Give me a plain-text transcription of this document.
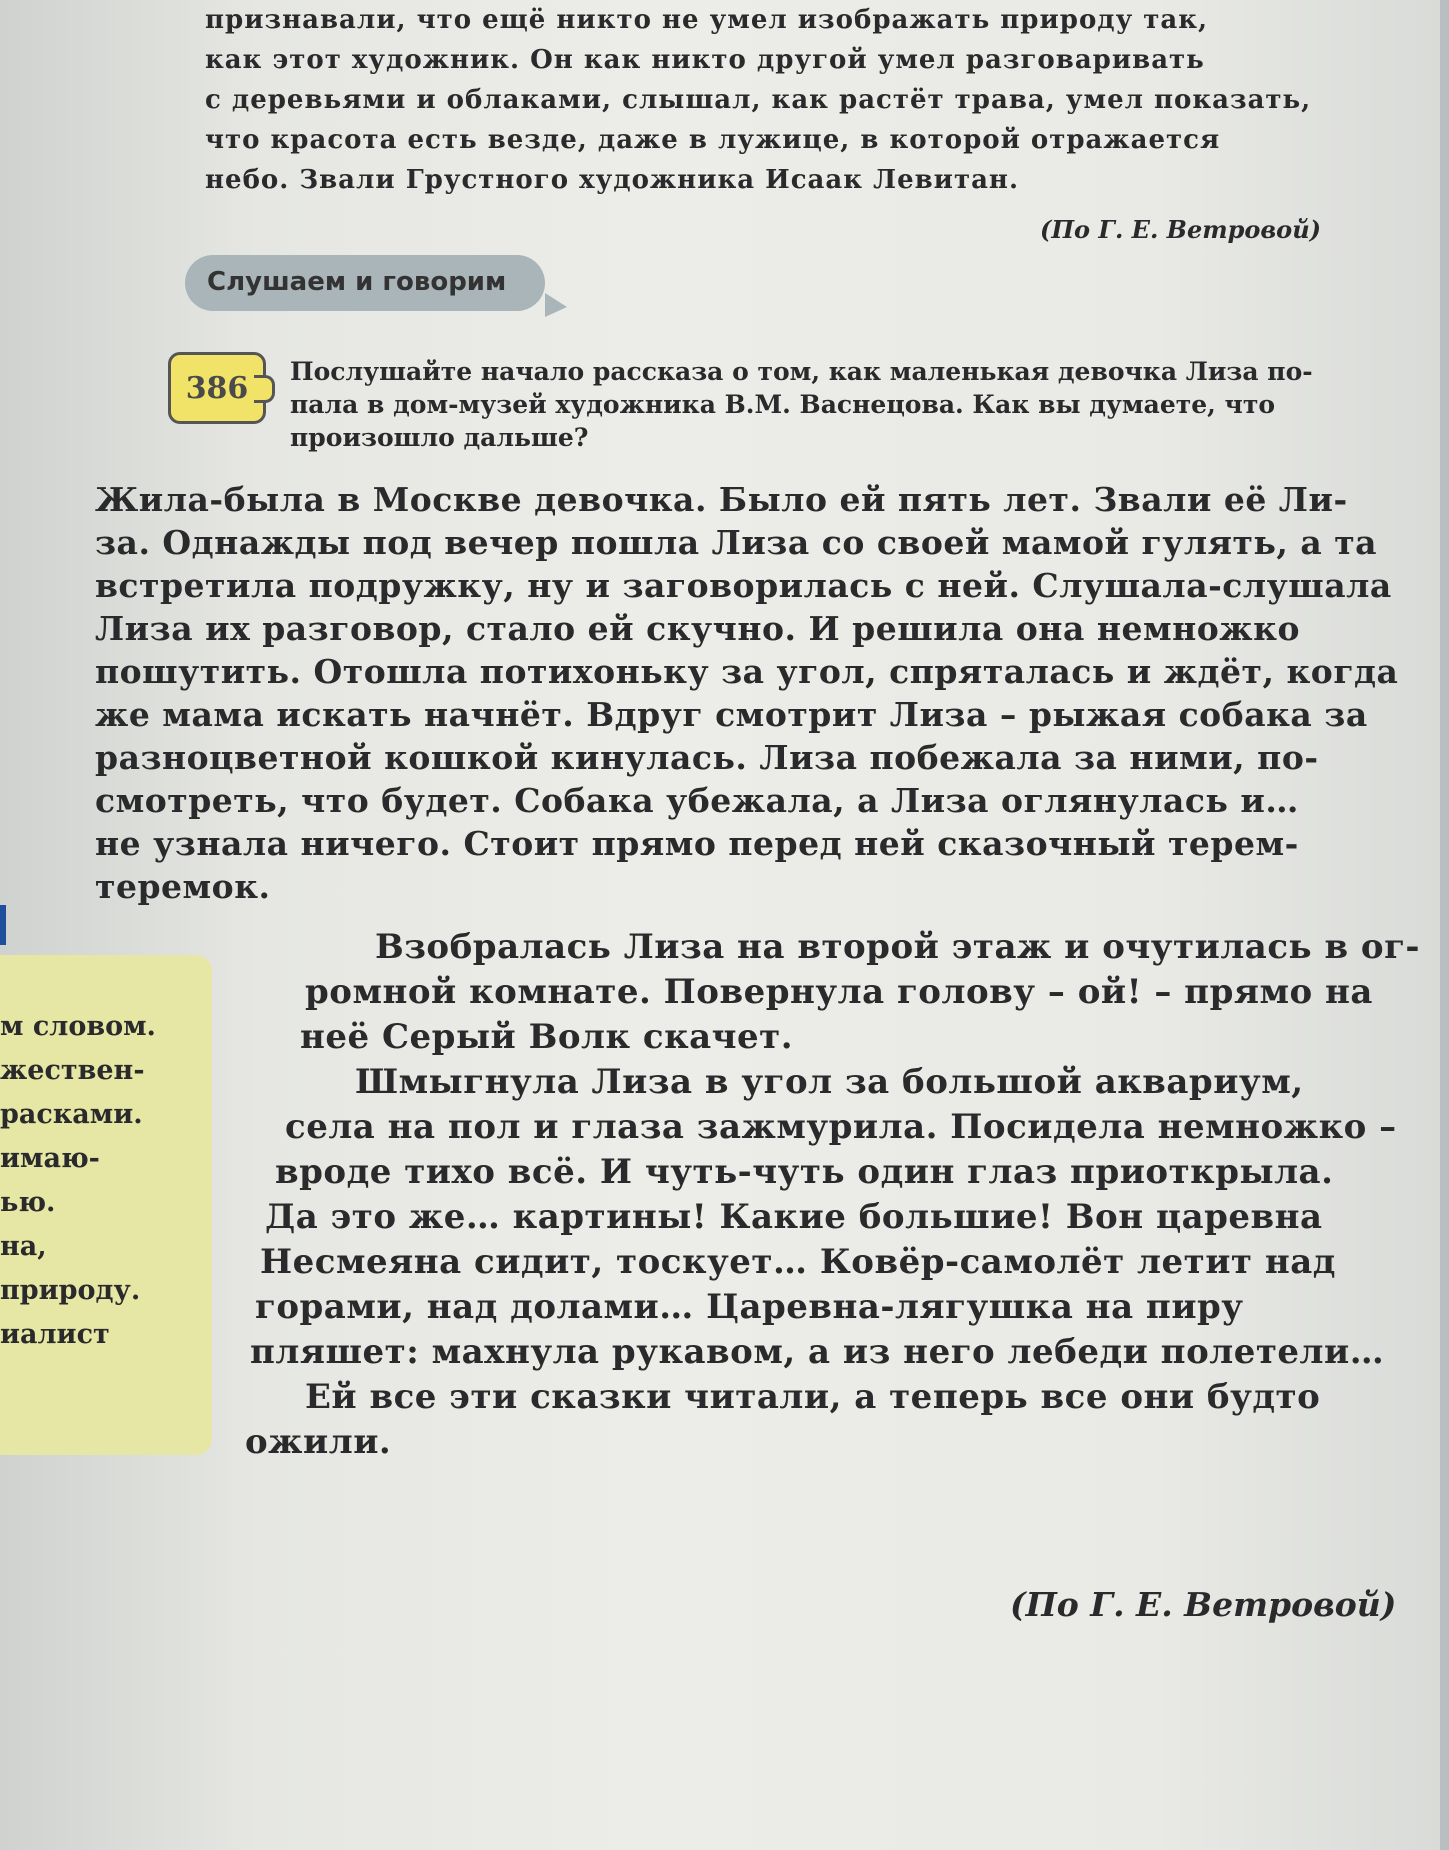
признавали, что ещё никто не умел изображать природу так,
как этот художник. Он как никто другой умел разговаривать
с деревьями и облаками, слышал, как растёт трава, умел показать,
что красота есть везде, даже в лужице, в которой отражается
небо. Звали Грустного художника Исаак Левитан.
(По Г. Е. Ветровой)
Слушаем и говорим
386	Послушайте начало рассказа о том, как маленькая девочка Лиза по-
пала в дом-музей художника В.М. Васнецова. Как вы думаете, что
произошло дальше?
Жила-была в Москве девочка. Было ей пять лет. Звали её Ли-
за. Однажды под вечер пошла Лиза со своей мамой гулять, а та
встретила подружку, ну и заговорилась с ней. Слушала-слушала
Лиза их разговор, стало ей скучно. И решила она немножко
пошутить. Отошла потихоньку за угол, спряталась и ждёт, когда
же мама искать начнёт. Вдруг смотрит Лиза – рыжая собака за
разноцветной кошкой кинулась. Лиза побежала за ними, по-
смотреть, что будет. Собака убежала, а Лиза оглянулась и…
не узнала ничего. Стоит прямо перед ней сказочный терем-
теремок.
м словом.
жествен-
расками.
имаю-
ью.
на,
природу.
иалист
Взобралась Лиза на второй этаж и очутилась в ог-
ромной комнате. Повернула голову – ой! – прямо на
неё Серый Волк скачет.
Шмыгнула Лиза в угол за большой аквариум,
села на пол и глаза зажмурила. Посидела немножко –
вроде тихо всё. И чуть-чуть один глаз приоткрыла.
Да это же… картины! Какие большие! Вон царевна
Несмеяна сидит, тоскует… Ковёр-самолёт летит над
горами, над долами… Царевна-лягушка на пиру
пляшет: махнула рукавом, а из него лебеди полетели…
Ей все эти сказки читали, а теперь все они будто
ожили.
(По Г. Е. Ветровой)
